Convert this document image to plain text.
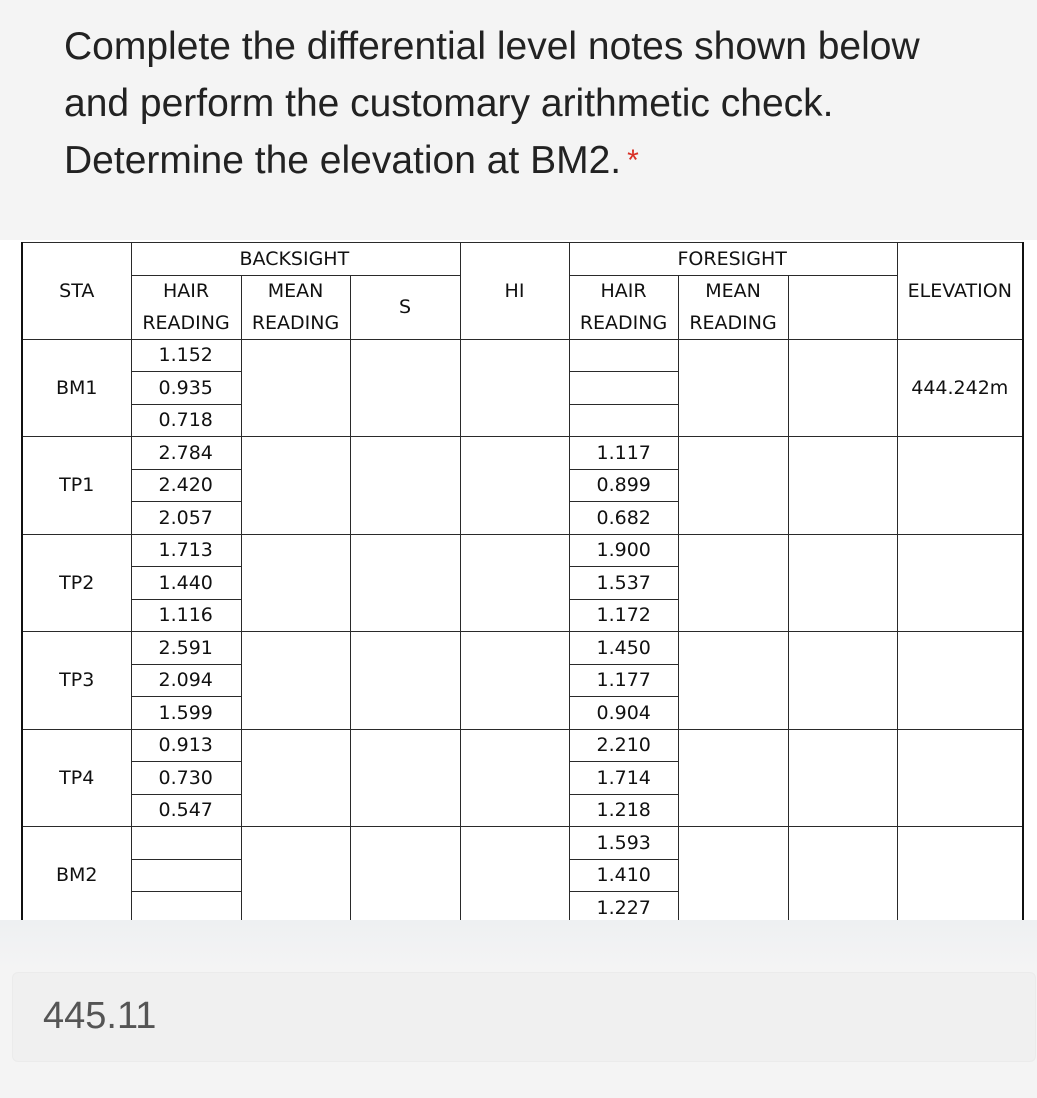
Complete the differential level notes shown below and perform the customary arithmetic check. Determine the elevation at BM2. *
STA	BACKSIGHT			HI	FORESIGHT			ELEVATION
	HAIR	MEAN	S		HAIR	MEAN		
	READING	READING			READING	READING		
BM1	1.152							444.242m
	0.935							
	0.718							
TP1	2.784				1.117			
	2.420				0.899			
	2.057				0.682			
TP2	1.713				1.900			
	1.440				1.537			
	1.116				1.172			
TP3	2.591				1.450			
	2.094				1.177			
	1.599				0.904			
TP4	0.913				2.210			
	0.730				1.714			
	0.547				1.218			
BM2					1.593			
					1.410			
					1.227			
445.11
